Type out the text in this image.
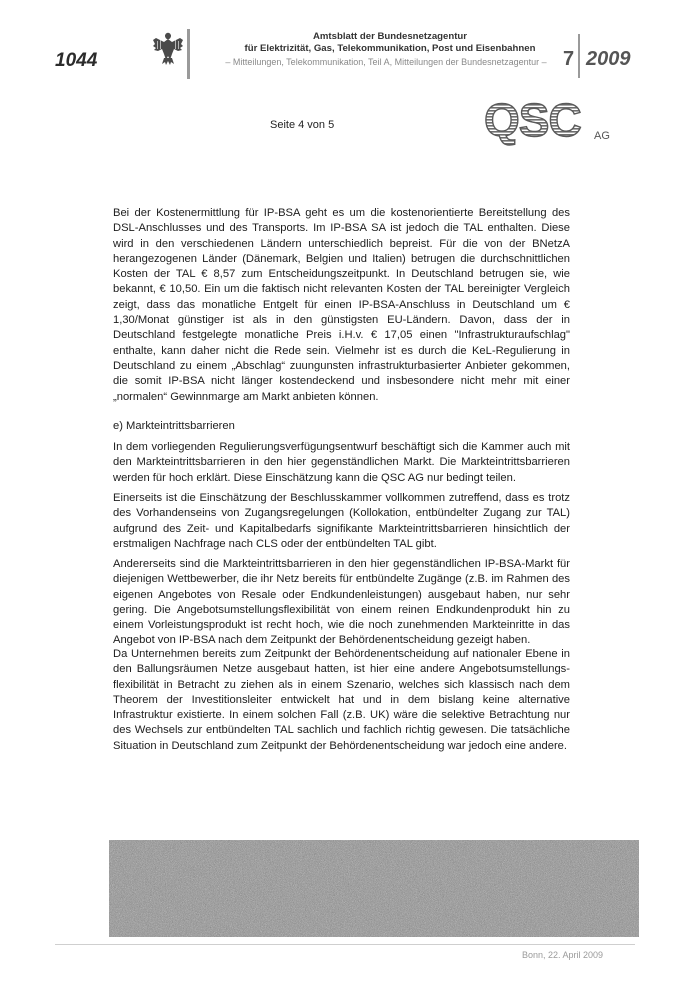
1044
Amtsblatt der Bundesnetzagentur
für Elektrizität, Gas, Telekommunikation, Post und Eisenbahnen
– Mitteilungen, Telekommunikation, Teil A, Mitteilungen der Bundesnetzagentur – 7 2009
Seite 4 von 5	QSC AG

Bei der Kostenermittlung für IP-BSA geht es um die kostenorientierte Bereitstellung des DSL-Anschlusses und des Transports. Im IP-BSA SA ist jedoch die TAL enthalten. Diese wird in den verschiedenen Ländern unterschiedlich bepreist. Für die von der BNetzA herangezogenen Länder (Dänemark, Belgien und Italien) betrugen die durchschnittlichen Kosten der TAL € 8,57 zum Entscheidungszeitpunkt. In Deutschland betrugen sie, wie bekannt, € 10,50. Ein um die faktisch nicht relevanten Kosten der TAL bereinigter Vergleich zeigt, dass das monatliche Entgelt für einen IP-BSA-Anschluss in Deutschland um € 1,30/Monat günstiger ist als in den günstigsten EU-Ländern. Davon, dass der in Deutschland festgelegte monatliche Preis i.H.v. € 17,05 einen "Infrastrukturaufschlag" enthalte, kann daher nicht die Rede sein. Vielmehr ist es durch die KeL-Regulierung in Deutschland zu einem „Abschlag“ zuungunsten infrastrukturbasierter Anbieter gekommen, die somit IP-BSA nicht länger kostendeckend und insbesondere nicht mehr mit einer „normalen“ Gewinnmarge am Markt anbieten können.

e) Markteintrittsbarrieren

In dem vorliegenden Regulierungsverfügungsentwurf beschäftigt sich die Kammer auch mit den Markteintrittsbarrieren in den hier gegenständlichen Markt. Die Markteintrittsbarrieren werden für hoch erklärt. Diese Einschätzung kann die QSC AG nur bedingt teilen.

Einerseits ist die Einschätzung der Beschlusskammer vollkommen zutreffend, dass es trotz des Vorhandenseins von Zugangsregelungen (Kollokation, entbündelter Zugang zur TAL) aufgrund des Zeit- und Kapitalbedarfs signifikante Markteintrittsbarrieren hinsichtlich der erstmaligen Nachfrage nach CLS oder der entbündelten TAL gibt.

Andererseits sind die Markteintrittsbarrieren in den hier gegenständlichen IP-BSA-Markt für diejenigen Wettbewerber, die ihr Netz bereits für entbündelte Zugänge (z.B. im Rahmen des eigenen Angebotes von Resale oder Endkundenleistungen) ausgebaut haben, nur sehr gering. Die Angebotsumstellungsflexibilität von einem reinen Endkundenprodukt hin zu einem Vorleistungsprodukt ist recht hoch, wie die noch zunehmenden Markteinritte in das Angebot von IP-BSA nach dem Zeitpunkt der Behördenentscheidung gezeigt haben.

Da Unternehmen bereits zum Zeitpunkt der Behördenentscheidung auf nationaler Ebene in den Ballungsräumen Netze ausgebaut hatten, ist hier eine andere Angebotsumstellungs-flexibilität in Betracht zu ziehen als in einem Szenario, welches sich klassisch nach dem Theorem der Investitionsleiter entwickelt hat und in dem bislang keine alternative Infrastruktur existierte. In einem solchen Fall (z.B. UK) wäre die selektive Betrachtung nur des Wechsels zur entbündelten TAL sachlich und fachlich richtig gewesen. Die tatsächliche Situation in Deutschland zum Zeitpunkt der Behördenentscheidung war jedoch eine andere.

Bonn, 22. April 2009
